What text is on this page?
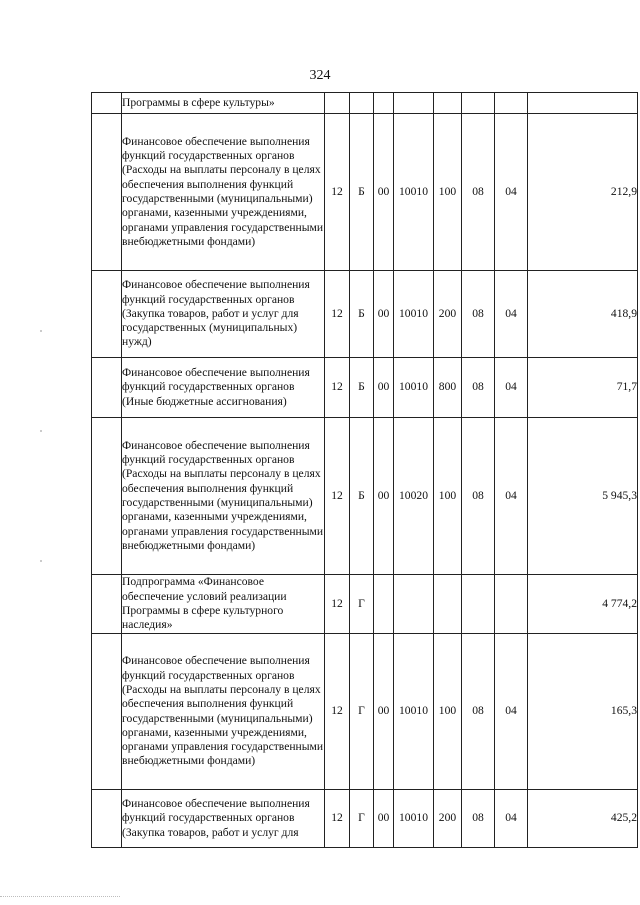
324
	Программы в сфере культуры»								
	Финансовое обеспечение выполнения функций государственных органов (Расходы на выплаты персоналу в целях обеспечения выполнения функций государственными (муниципальными) органами, казенными учреждениями, органами управления государственными внебюджетными фондами)	12	Б	00	10010	100	08	04	212,9
	Финансовое обеспечение выполнения функций государственных органов (Закупка товаров, работ и услуг для государственных (муниципальных) нужд)	12	Б	00	10010	200	08	04	418,9
	Финансовое обеспечение выполнения функций государственных органов (Иные бюджетные ассигнования)	12	Б	00	10010	800	08	04	71,7
	Финансовое обеспечение выполнения функций государственных органов (Расходы на выплаты персоналу в целях обеспечения выполнения функций государственными (муниципальными) органами, казенными учреждениями, органами управления государственными внебюджетными фондами)	12	Б	00	10020	100	08	04	5 945,3
	Подпрограмма «Финансовое обеспечение условий реализации Программы в сфере культурного наследия»	12	Г						4 774,2
	Финансовое обеспечение выполнения функций государственных органов (Расходы на выплаты персоналу в целях обеспечения выполнения функций государственными (муниципальными) органами, казенными учреждениями, органами управления государственными внебюджетными фондами)	12	Г	00	10010	100	08	04	165,3
	Финансовое обеспечение выполнения функций государственных органов (Закупка товаров, работ и услуг для	12	Г	00	10010	200	08	04	425,2
